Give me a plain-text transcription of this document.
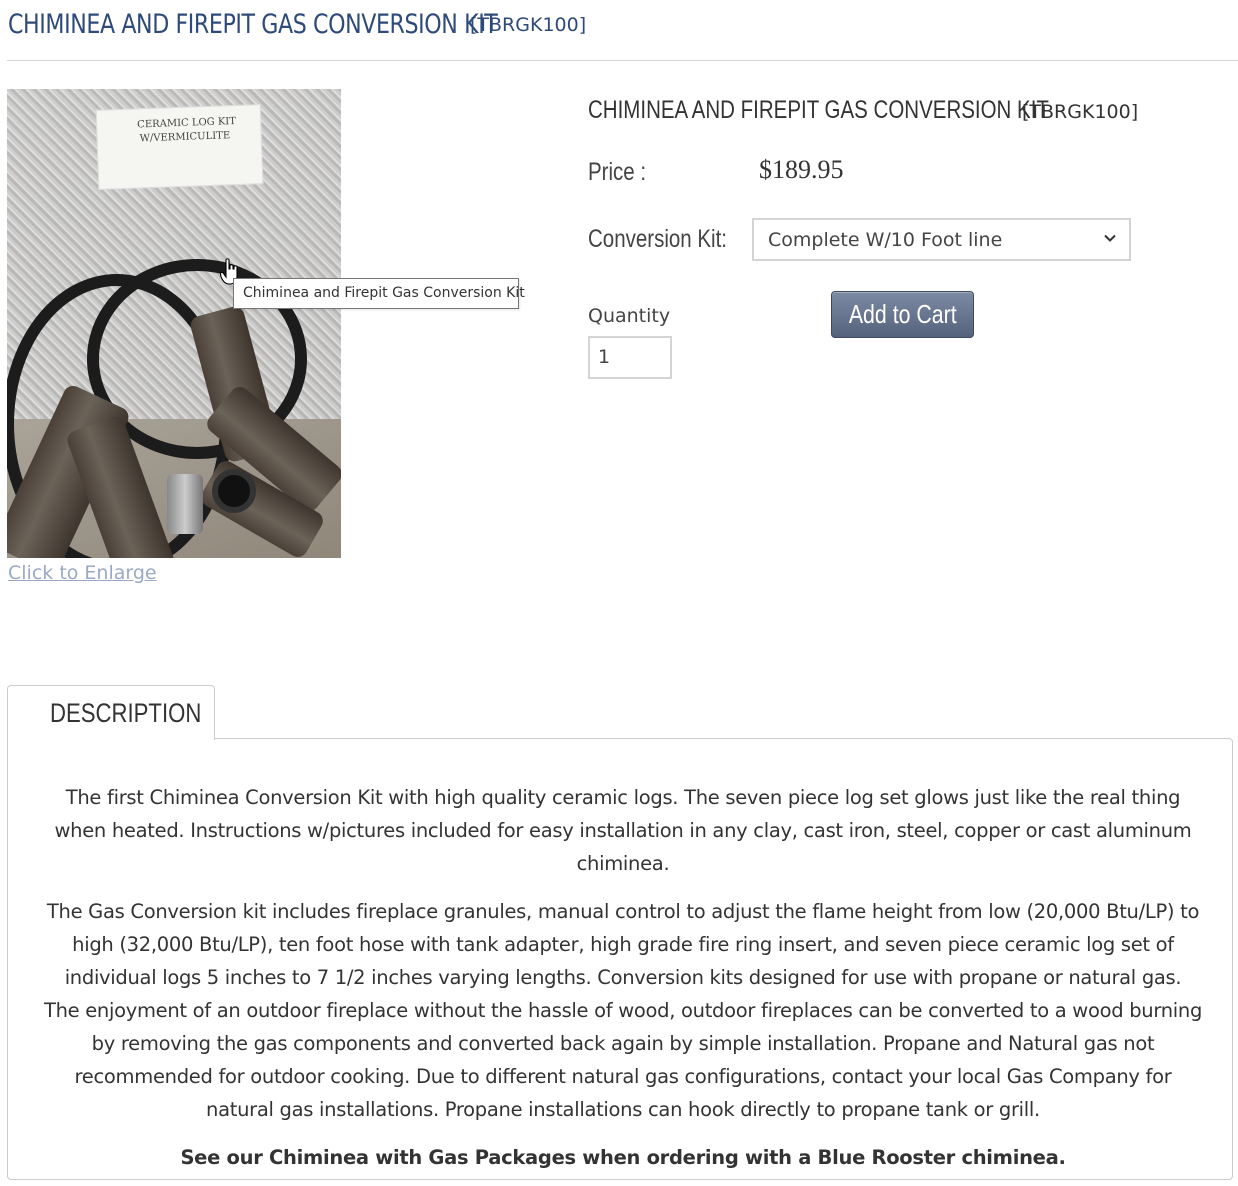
CHIMINEA AND FIREPIT GAS CONVERSION KIT
[TBRGK100]
CERAMIC LOG KIT
W/VERMICULITE
Chiminea and Firepit Gas Conversion Kit
Click to Enlarge
CHIMINEA AND FIREPIT GAS CONVERSION KIT
[TBRGK100]
Price :	$189.95
Conversion Kit:	Complete W/10 Foot line
Quantity
1
Add to Cart
DESCRIPTION

The first Chiminea Conversion Kit with high quality ceramic logs. The seven piece log set glows just like the real thing when heated. Instructions w/pictures included for easy installation in any clay, cast iron, steel, copper or cast aluminum chiminea.

The Gas Conversion kit includes fireplace granules, manual control to adjust the flame height from low (20,000 Btu/LP) to high (32,000 Btu/LP), ten foot hose with tank adapter, high grade fire ring insert, and seven piece ceramic log set of individual logs 5 inches to 7 1/2 inches varying lengths. Conversion kits designed for use with propane or natural gas.

The enjoyment of an outdoor fireplace without the hassle of wood, outdoor fireplaces can be converted to a wood burning by removing the gas components and converted back again by simple installation. Propane and Natural gas not recommended for outdoor cooking. Due to different natural gas configurations, contact your local Gas Company for natural gas installations. Propane installations can hook directly to propane tank or grill.

See our Chiminea with Gas Packages when ordering with a Blue Rooster chiminea.
